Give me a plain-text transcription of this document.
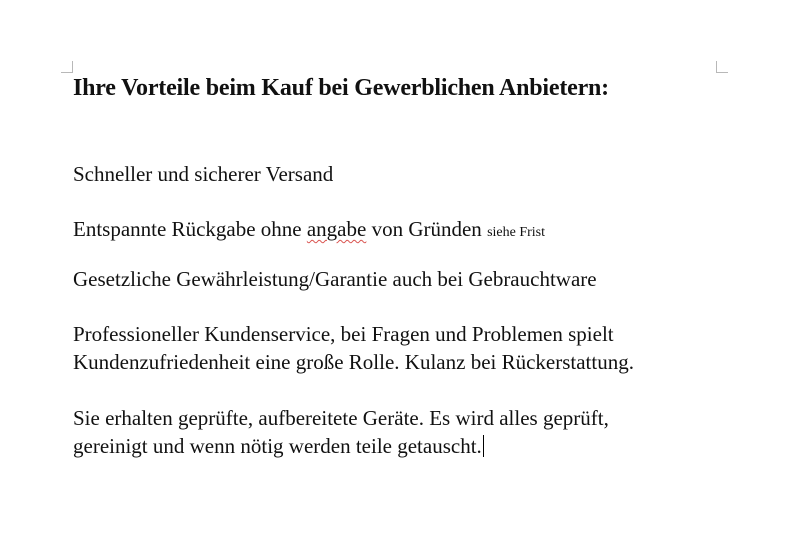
Ihre Vorteile beim Kauf bei Gewerblichen Anbietern:

Schneller und sicherer Versand

Entspannte Rückgabe ohne angabe von Gründen siehe Frist

Gesetzliche Gewährleistung/Garantie auch bei Gebrauchtware

Professioneller Kundenservice, bei Fragen und Problemen spielt
Kundenzufriedenheit eine große Rolle. Kulanz bei Rückerstattung.

Sie erhalten geprüfte, aufbereitete Geräte. Es wird alles geprüft,
gereinigt und wenn nötig werden teile getauscht.
